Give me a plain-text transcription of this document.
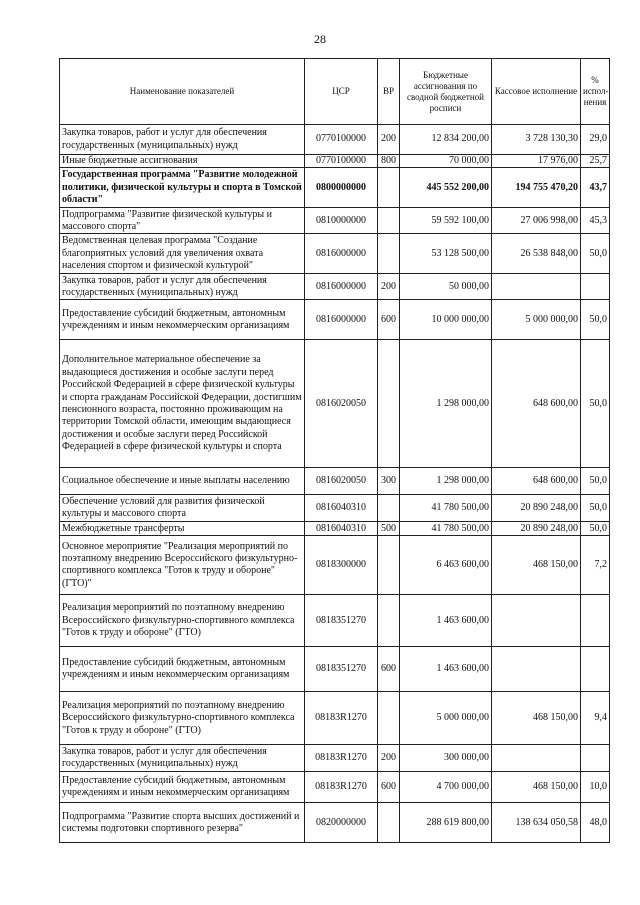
28
Наименование показателей	ЦСР	ВР	Бюджетные ассигнования по сводной бюджетной росписи	Кассовое исполнение	% испол- нения
Закупка товаров, работ и услуг для обеспечения государственных (муниципальных) нужд	0770100000	200	12 834 200,00	3 728 130,30	29,0
Иные бюджетные ассигнования	0770100000	800	70 000,00	17 976,00	25,7
Государственная программа "Развитие молодежной политики, физической культуры и спорта в Томской области"	0800000000		445 552 200,00	194 755 470,20	43,7
Подпрограмма "Развитие физической культуры и массового спорта"	0810000000		59 592 100,00	27 006 998,00	45,3
Ведомственная целевая программа "Создание благоприятных условий для увеличения охвата населения спортом и физической культурой"	0816000000		53 128 500,00	26 538 848,00	50,0
Закупка товаров, работ и услуг для обеспечения государственных (муниципальных) нужд	0816000000	200	50 000,00		
Предоставление субсидий бюджетным, автономным учреждениям и иным некоммерческим организациям	0816000000	600	10 000 000,00	5 000 000,00	50,0
Дополнительное материальное обеспечение за выдающиеся достижения и особые заслуги перед Российской Федерацией в сфере физической культуры и спорта гражданам Российской Федерации, достигшим пенсионного возраста, постоянно проживающим на территории Томской области, имеющим выдающиеся достижения и особые заслуги перед Российской Федерацией в сфере физической культуры и спорта	0816020050		1 298 000,00	648 600,00	50,0
Социальное обеспечение и иные выплаты населению	0816020050	300	1 298 000,00	648 600,00	50,0
Обеспечение условий для развития физической культуры и массового спорта	0816040310		41 780 500,00	20 890 248,00	50,0
Межбюджетные трансферты	0816040310	500	41 780 500,00	20 890 248,00	50,0
Основное мероприятие "Реализация мероприятий по поэтапному внедрению Всероссийского физкультурно-спортивного комплекса "Готов к труду и обороне" (ГТО)"	0818300000		6 463 600,00	468 150,00	7,2
Реализация мероприятий по поэтапному внедрению Всероссийского физкультурно-спортивного комплекса "Готов к труду и обороне" (ГТО)	0818351270		1 463 600,00		
Предоставление субсидий бюджетным, автономным учреждениям и иным некоммерческим организациям	0818351270	600	1 463 600,00		
Реализация мероприятий по поэтапному внедрению Всероссийского физкультурно-спортивного комплекса "Готов к труду и обороне" (ГТО)	08183R1270		5 000 000,00	468 150,00	9,4
Закупка товаров, работ и услуг для обеспечения государственных (муниципальных) нужд	08183R1270	200	300 000,00		
Предоставление субсидий бюджетным, автономным учреждениям и иным некоммерческим организациям	08183R1270	600	4 700 000,00	468 150,00	10,0
Подпрограмма "Развитие спорта высших достижений и системы подготовки спортивного резерва"	0820000000		288 619 800,00	138 634 050,58	48,0
